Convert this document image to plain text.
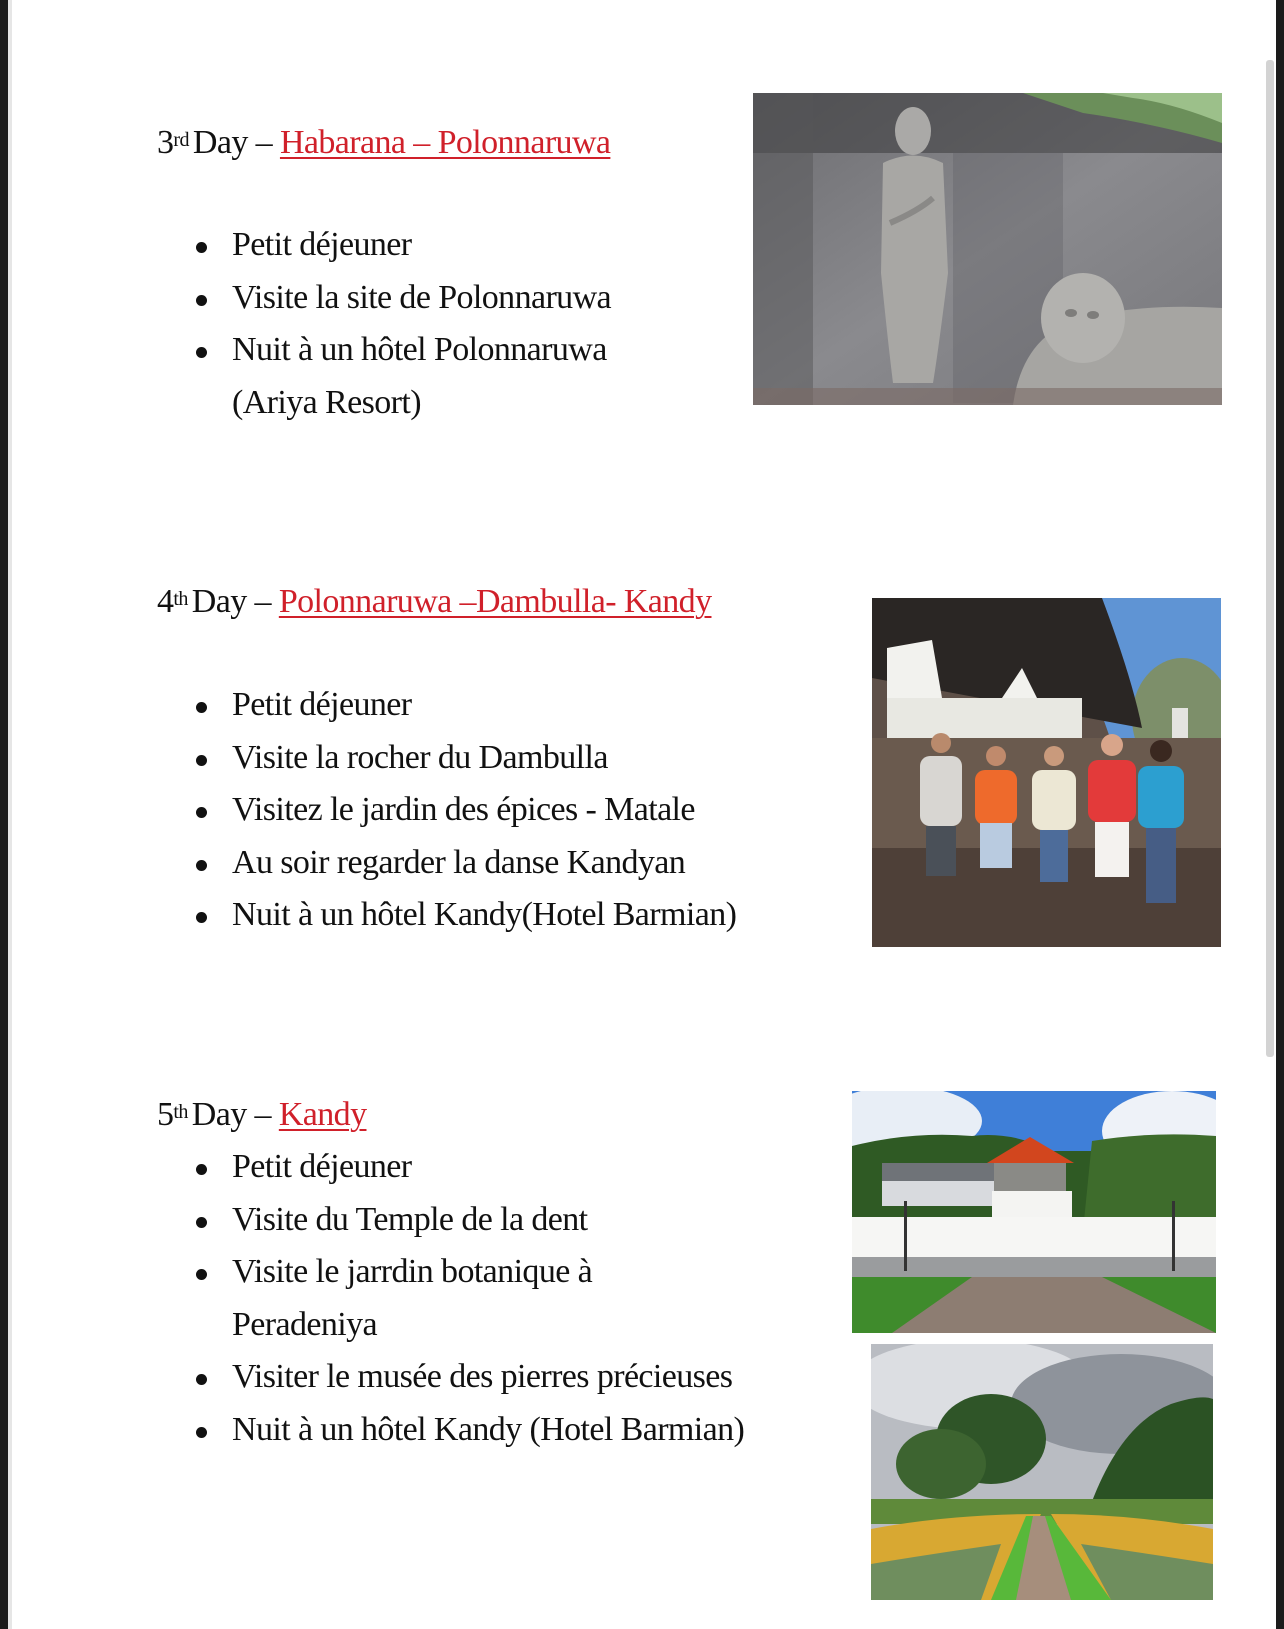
3rd Day – Habarana – Polonnaruwa
Petit déjeuner
Visite la site de Polonnaruwa
Nuit à un hôtel Polonnaruwa
(Ariya Resort)
4th Day – Polonnaruwa –Dambulla- Kandy
Petit déjeuner
Visite la rocher du Dambulla
Visitez le jardin des épices - Matale
Au soir regarder la danse Kandyan
Nuit à un hôtel Kandy(Hotel Barmian)
5th Day – Kandy
Petit déjeuner
Visite du Temple de la dent
Visite le jarrdin botanique à
Peradeniya
Visiter le musée des pierres précieuses
Nuit à un hôtel Kandy (Hotel Barmian)
